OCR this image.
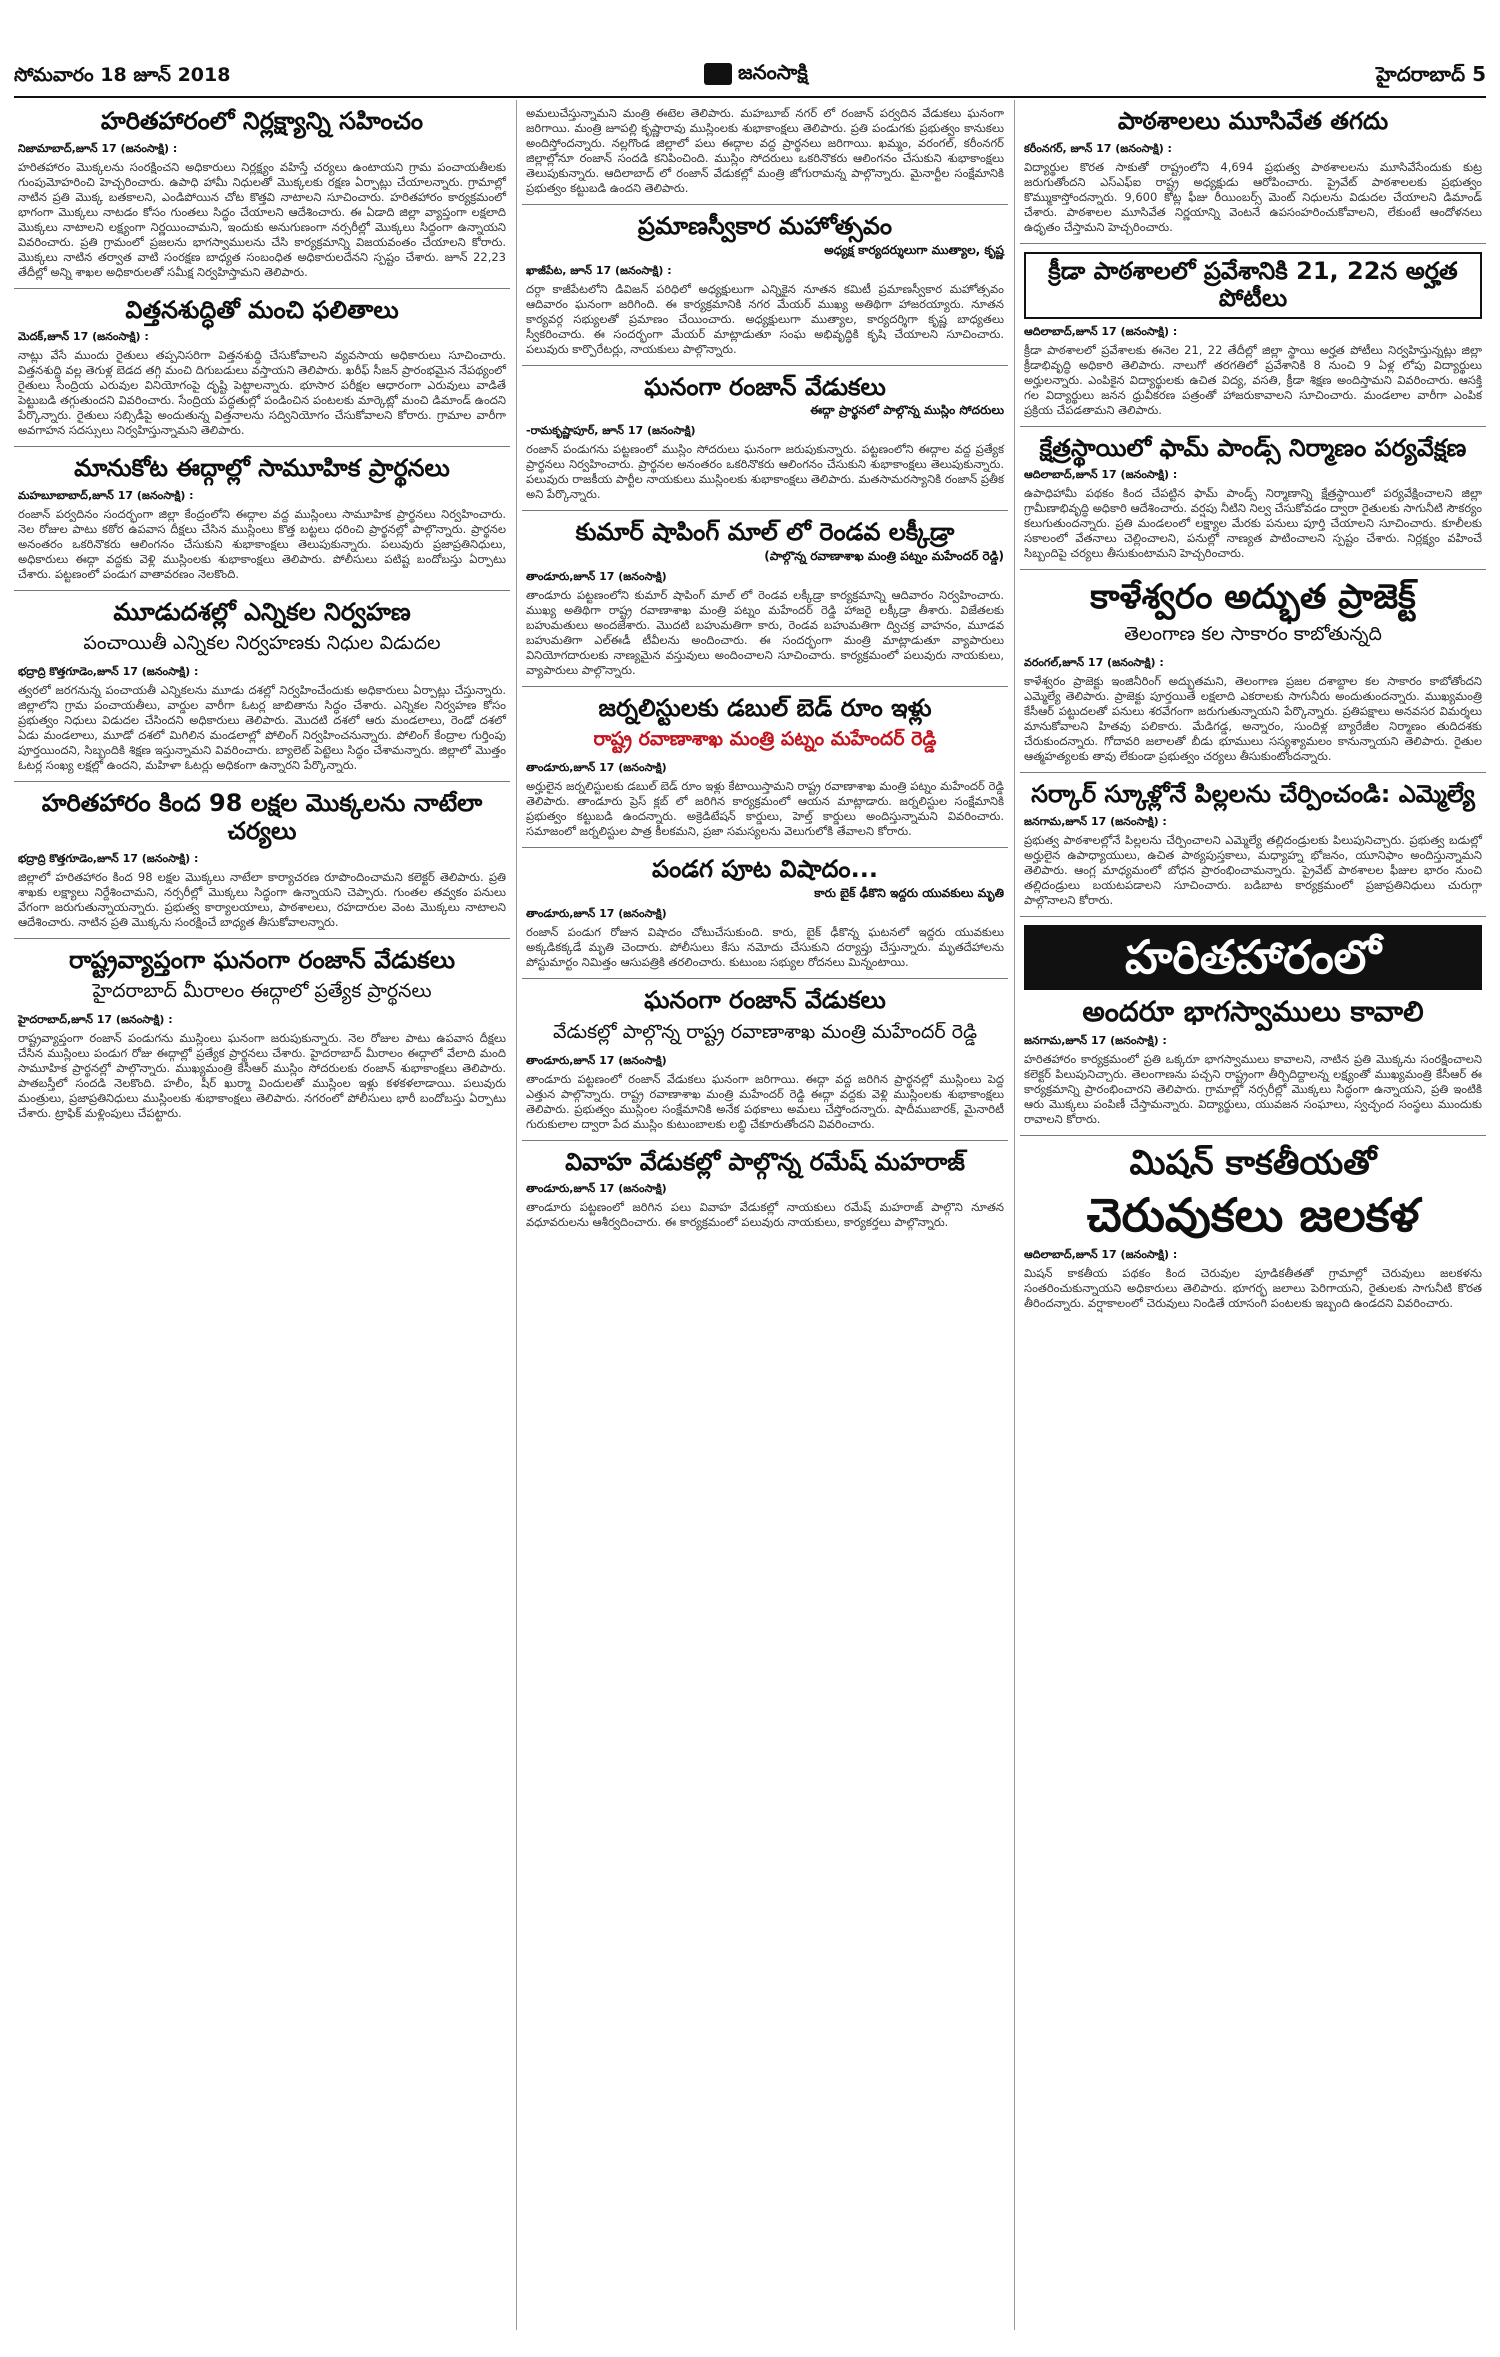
సోమవారం 18 జూన్ 2018	జనంసాక్షి	హైదరాబాద్ 5
హరితహారంలో నిర్లక్ష్యాన్ని సహించం
నిజామాబాద్,జూన్ 17 (జనంసాక్షి) :

హరితహారం మొక్కలను సంరక్షించని అధికారులు నిర్లక్ష్యం వహిస్తే చర్యలు ఉంటాయని గ్రామ పంచాయతీలకు గుంపుమోహరించి హెచ్చరించారు. ఉపాధి హామీ నిధులతో మొక్కలకు రక్షణ ఏర్పాట్లు చేయాలన్నారు. గ్రామాల్లో నాటిన ప్రతి మొక్క బతకాలని, ఎండిపోయిన చోట కొత్తవి నాటాలని సూచించారు. హరితహారం కార్యక్రమంలో భాగంగా మొక్కలు నాటడం కోసం గుంతలు సిద్ధం చేయాలని ఆదేశించారు. ఈ ఏడాది జిల్లా వ్యాప్తంగా లక్షలాది మొక్కలు నాటాలని లక్ష్యంగా నిర్ణయించామని, ఇందుకు అనుగుణంగా నర్సరీల్లో మొక్కలు సిద్ధంగా ఉన్నాయని వివరించారు. ప్రతి గ్రామంలో ప్రజలను భాగస్వాములను చేసి కార్యక్రమాన్ని విజయవంతం చేయాలని కోరారు. మొక్కలు నాటిన తర్వాత వాటి సంరక్షణ బాధ్యత సంబంధిత అధికారులదేనని స్పష్టం చేశారు. జూన్ 22,23 తేదీల్లో అన్ని శాఖల అధికారులతో సమీక్ష నిర్వహిస్తామని తెలిపారు.

విత్తనశుద్ధితో మంచి ఫలితాలు
మెదక్,జూన్ 17 (జనంసాక్షి) :

నాట్లు వేసే ముందు రైతులు తప్పనిసరిగా విత్తనశుద్ధి చేసుకోవాలని వ్యవసాయ అధికారులు సూచించారు. విత్తనశుద్ధి వల్ల తెగుళ్ల బెడద తగ్గి మంచి దిగుబడులు వస్తాయని తెలిపారు. ఖరీఫ్ సీజన్ ప్రారంభమైన నేపథ్యంలో రైతులు సేంద్రియ ఎరువుల వినియోగంపై దృష్టి పెట్టాలన్నారు. భూసార పరీక్షల ఆధారంగా ఎరువులు వాడితే పెట్టుబడి తగ్గుతుందని వివరించారు. సేంద్రియ పద్ధతుల్లో పండించిన పంటలకు మార్కెట్లో మంచి డిమాండ్ ఉందని పేర్కొన్నారు. రైతులు సబ్సిడీపై అందుతున్న విత్తనాలను సద్వినియోగం చేసుకోవాలని కోరారు. గ్రామాల వారీగా అవగాహన సదస్సులు నిర్వహిస్తున్నామని తెలిపారు.

మానుకోట ఈద్గాల్లో సామూహిక ప్రార్థనలు
మహబూబాబాద్,జూన్ 17 (జనంసాక్షి) :

రంజాన్ పర్వదినం సందర్భంగా జిల్లా కేంద్రంలోని ఈద్గాల వద్ద ముస్లింలు సామూహిక ప్రార్థనలు నిర్వహించారు. నెల రోజుల పాటు కఠోర ఉపవాస దీక్షలు చేసిన ముస్లింలు కొత్త బట్టలు ధరించి ప్రార్థనల్లో పాల్గొన్నారు. ప్రార్థనల అనంతరం ఒకరినొకరు ఆలింగనం చేసుకుని శుభాకాంక్షలు తెలుపుకున్నారు. పలువురు ప్రజాప్రతినిధులు, అధికారులు ఈద్గా వద్దకు వెళ్లి ముస్లింలకు శుభాకాంక్షలు తెలిపారు. పోలీసులు పటిష్ట బందోబస్తు ఏర్పాటు చేశారు. పట్టణంలో పండుగ వాతావరణం నెలకొంది.

మూడుదశల్లో ఎన్నికల నిర్వహణ
పంచాయితీ ఎన్నికల నిర్వహణకు నిధుల విడుదల
భద్రాద్రి కొత్తగూడెం,జూన్ 17 (జనంసాక్షి) :

త్వరలో జరగనున్న పంచాయతీ ఎన్నికలను మూడు దశల్లో నిర్వహించేందుకు అధికారులు ఏర్పాట్లు చేస్తున్నారు. జిల్లాలోని గ్రామ పంచాయతీలు, వార్డుల వారీగా ఓటర్ల జాబితాను సిద్ధం చేశారు. ఎన్నికల నిర్వహణ కోసం ప్రభుత్వం నిధులు విడుదల చేసిందని అధికారులు తెలిపారు. మొదటి దశలో ఆరు మండలాలు, రెండో దశలో ఏడు మండలాలు, మూడో దశలో మిగిలిన మండలాల్లో పోలింగ్ నిర్వహించనున్నారు. పోలింగ్ కేంద్రాల గుర్తింపు పూర్తయిందని, సిబ్బందికి శిక్షణ ఇస్తున్నామని వివరించారు. బ్యాలెట్ పెట్టెలు సిద్ధం చేశామన్నారు. జిల్లాలో మొత్తం ఓటర్ల సంఖ్య లక్షల్లో ఉందని, మహిళా ఓటర్లు అధికంగా ఉన్నారని పేర్కొన్నారు.

హరితహారం కింద 98 లక్షల మొక్కలను నాటేలా చర్యలు
భద్రాద్రి కొత్తగూడెం,జూన్ 17 (జనంసాక్షి) :

జిల్లాలో హరితహారం కింద 98 లక్షల మొక్కలు నాటేలా కార్యాచరణ రూపొందించామని కలెక్టర్ తెలిపారు. ప్రతి శాఖకు లక్ష్యాలు నిర్దేశించామని, నర్సరీల్లో మొక్కలు సిద్ధంగా ఉన్నాయని చెప్పారు. గుంతల తవ్వకం పనులు వేగంగా జరుగుతున్నాయన్నారు. ప్రభుత్వ కార్యాలయాలు, పాఠశాలలు, రహదారుల వెంట మొక్కలు నాటాలని ఆదేశించారు. నాటిన ప్రతి మొక్కను సంరక్షించే బాధ్యత తీసుకోవాలన్నారు.

రాష్ట్రవ్యాప్తంగా ఘనంగా రంజాన్ వేడుకలు
హైదరాబాద్ మీరాలం ఈద్గాలో ప్రత్యేక ప్రార్థనలు
హైదరాబాద్,జూన్ 17 (జనంసాక్షి) :

రాష్ట్రవ్యాప్తంగా రంజాన్ పండుగను ముస్లింలు ఘనంగా జరుపుకున్నారు. నెల రోజుల పాటు ఉపవాస దీక్షలు చేసిన ముస్లింలు పండుగ రోజు ఈద్గాల్లో ప్రత్యేక ప్రార్థనలు చేశారు. హైదరాబాద్ మీరాలం ఈద్గాలో వేలాది మంది సామూహిక ప్రార్థనల్లో పాల్గొన్నారు. ముఖ్యమంత్రి కేసీఆర్ ముస్లిం సోదరులకు రంజాన్ శుభాకాంక్షలు తెలిపారు. పాతబస్తీలో సందడి నెలకొంది. హలీం, షీర్ ఖుర్మా విందులతో ముస్లింల ఇళ్లు కళకళలాడాయి. పలువురు మంత్రులు, ప్రజాప్రతినిధులు ముస్లింలకు శుభాకాంక్షలు తెలిపారు. నగరంలో పోలీసులు భారీ బందోబస్తు ఏర్పాటు చేశారు. ట్రాఫిక్ మళ్లింపులు చేపట్టారు.

అమలుచేస్తున్నామని మంత్రి ఈటెల తెలిపారు. మహబూబ్ నగర్ లో రంజాన్ పర్వదిన వేడుకలు ఘనంగా జరిగాయి. మంత్రి జూపల్లి కృష్ణారావు ముస్లింలకు శుభాకాంక్షలు తెలిపారు. ప్రతి పండుగకు ప్రభుత్వం కానుకలు అందిస్తోందన్నారు. నల్లగొండ జిల్లాలో పలు ఈద్గాల వద్ద ప్రార్థనలు జరిగాయి. ఖమ్మం, వరంగల్, కరీంనగర్ జిల్లాల్లోనూ రంజాన్ సందడి కనిపించింది. ముస్లిం సోదరులు ఒకరినొకరు ఆలింగనం చేసుకుని శుభాకాంక్షలు తెలుపుకున్నారు. ఆదిలాబాద్ లో రంజాన్ వేడుకల్లో మంత్రి జోగురామన్న పాల్గొన్నారు. మైనార్టీల సంక్షేమానికి ప్రభుత్వం కట్టుబడి ఉందని తెలిపారు.

ప్రమాణస్వీకార మహోత్సవం
అధ్యక్ష కార్యదర్శులుగా ముత్యాల, కృష్ణ
ఖాజీపేట, జూన్ 17 (జనంసాక్షి) :

దర్గా కాజీపేటలోని డివిజన్ పరిధిలో అధ్యక్షులుగా ఎన్నికైన నూతన కమిటీ ప్రమాణస్వీకార మహోత్సవం ఆదివారం ఘనంగా జరిగింది. ఈ కార్యక్రమానికి నగర మేయర్ ముఖ్య అతిథిగా హాజరయ్యారు. నూతన కార్యవర్గ సభ్యులతో ప్రమాణం చేయించారు. అధ్యక్షులుగా ముత్యాల, కార్యదర్శిగా కృష్ణ బాధ్యతలు స్వీకరించారు. ఈ సందర్భంగా మేయర్ మాట్లాడుతూ సంఘ అభివృద్ధికి కృషి చేయాలని సూచించారు. పలువురు కార్పొరేటర్లు, నాయకులు పాల్గొన్నారు.

ఘనంగా రంజాన్ వేడుకలు
ఈద్గా ప్రార్థనలో పాల్గొన్న ముస్లిం సోదరులు
-రామకృష్ణాపూర్, జూన్ 17 (జనంసాక్షి)

రంజాన్ పండుగను పట్టణంలో ముస్లిం సోదరులు ఘనంగా జరుపుకున్నారు. పట్టణంలోని ఈద్గాల వద్ద ప్రత్యేక ప్రార్థనలు నిర్వహించారు. ప్రార్థనల అనంతరం ఒకరినొకరు ఆలింగనం చేసుకుని శుభాకాంక్షలు తెలుపుకున్నారు. పలువురు రాజకీయ పార్టీల నాయకులు ముస్లింలకు శుభాకాంక్షలు తెలిపారు. మతసామరస్యానికి రంజాన్ ప్రతీక అని పేర్కొన్నారు.

కుమార్ షాపింగ్ మాల్ లో రెండవ లక్కీడ్రా
(పాల్గొన్న రవాణాశాఖ మంత్రి పట్నం మహేందర్ రెడ్డి)
తాండూరు,జూన్ 17 (జనంసాక్షి)

తాండూరు పట్టణంలోని కుమార్ షాపింగ్ మాల్ లో రెండవ లక్కీడ్రా కార్యక్రమాన్ని ఆదివారం నిర్వహించారు. ముఖ్య అతిథిగా రాష్ట్ర రవాణాశాఖ మంత్రి పట్నం మహేందర్ రెడ్డి హాజరై లక్కీడ్రా తీశారు. విజేతలకు బహుమతులు అందజేశారు. మొదటి బహుమతిగా కారు, రెండవ బహుమతిగా ద్విచక్ర వాహనం, మూడవ బహుమతిగా ఎల్ఈడీ టీవీలను అందించారు. ఈ సందర్భంగా మంత్రి మాట్లాడుతూ వ్యాపారులు వినియోగదారులకు నాణ్యమైన వస్తువులు అందించాలని సూచించారు. కార్యక్రమంలో పలువురు నాయకులు, వ్యాపారులు పాల్గొన్నారు.

జర్నలిస్టులకు డబుల్ బెడ్ రూం ఇళ్లు
రాష్ట్ర రవాణాశాఖ మంత్రి పట్నం మహేందర్ రెడ్డి
తాండూరు,జూన్ 17 (జనంసాక్షి)

అర్హులైన జర్నలిస్టులకు డబుల్ బెడ్ రూం ఇళ్లు కేటాయిస్తామని రాష్ట్ర రవాణాశాఖ మంత్రి పట్నం మహేందర్ రెడ్డి తెలిపారు. తాండూరు ప్రెస్ క్లబ్ లో జరిగిన కార్యక్రమంలో ఆయన మాట్లాడారు. జర్నలిస్టుల సంక్షేమానికి ప్రభుత్వం కట్టుబడి ఉందన్నారు. అక్రెడిటేషన్ కార్డులు, హెల్త్ కార్డులు అందిస్తున్నామని వివరించారు. సమాజంలో జర్నలిస్టుల పాత్ర కీలకమని, ప్రజా సమస్యలను వెలుగులోకి తేవాలని కోరారు.

పండగ పూట విషాదం...
కారు బైక్ ఢీకొని ఇద్దరు యువకులు మృతి
తాండూరు,జూన్ 17 (జనంసాక్షి)

రంజాన్ పండుగ రోజున విషాదం చోటుచేసుకుంది. కారు, బైక్ ఢీకొన్న ఘటనలో ఇద్దరు యువకులు అక్కడికక్కడే మృతి చెందారు. పోలీసులు కేసు నమోదు చేసుకుని దర్యాప్తు చేస్తున్నారు. మృతదేహాలను పోస్టుమార్టం నిమిత్తం ఆసుపత్రికి తరలించారు. కుటుంబ సభ్యుల రోదనలు మిన్నంటాయి.

ఘనంగా రంజాన్ వేడుకలు
వేడుకల్లో పాల్గొన్న రాష్ట్ర రవాణాశాఖ మంత్రి మహేందర్ రెడ్డి
తాండూరు,జూన్ 17 (జనంసాక్షి)

తాండూరు పట్టణంలో రంజాన్ వేడుకలు ఘనంగా జరిగాయి. ఈద్గా వద్ద జరిగిన ప్రార్థనల్లో ముస్లింలు పెద్ద ఎత్తున పాల్గొన్నారు. రాష్ట్ర రవాణాశాఖ మంత్రి మహేందర్ రెడ్డి ఈద్గా వద్దకు వెళ్లి ముస్లింలకు శుభాకాంక్షలు తెలిపారు. ప్రభుత్వం ముస్లింల సంక్షేమానికి అనేక పథకాలు అమలు చేస్తోందన్నారు. షాదీముబారక్, మైనారిటీ గురుకులాల ద్వారా పేద ముస్లిం కుటుంబాలకు లబ్ధి చేకూరుతోందని వివరించారు.

వివాహ వేడుకల్లో పాల్గొన్న రమేష్ మహరాజ్
తాండూరు,జూన్ 17 (జనంసాక్షి)

తాండూరు పట్టణంలో జరిగిన పలు వివాహ వేడుకల్లో నాయకులు రమేష్ మహరాజ్ పాల్గొని నూతన వధూవరులను ఆశీర్వదించారు. ఈ కార్యక్రమంలో పలువురు నాయకులు, కార్యకర్తలు పాల్గొన్నారు.

పాఠశాలలు మూసివేత తగదు
కరీంనగర్, జూన్ 17 (జనంసాక్షి) :

విద్యార్థుల కొరత సాకుతో రాష్ట్రంలోని 4,694 ప్రభుత్వ పాఠశాలలను మూసివేసేందుకు కుట్ర జరుగుతోందని ఎస్ఎఫ్ఐ రాష్ట్ర అధ్యక్షుడు ఆరోపించారు. ప్రైవేట్ పాఠశాలలకు ప్రభుత్వం కొమ్ముకాస్తోందన్నారు. 9,600 కోట్ల ఫీజు రీయింబర్స్ మెంట్ నిధులను విడుదల చేయాలని డిమాండ్ చేశారు. పాఠశాలల మూసివేత నిర్ణయాన్ని వెంటనే ఉపసంహరించుకోవాలని, లేకుంటే ఆందోళనలు ఉధృతం చేస్తామని హెచ్చరించారు.

క్రీడా పాఠశాలలో ప్రవేశానికి 21, 22న అర్హత పోటీలు
ఆదిలాబాద్,జూన్ 17 (జనంసాక్షి) :

క్రీడా పాఠశాలలో ప్రవేశాలకు ఈనెల 21, 22 తేదీల్లో జిల్లా స్థాయి అర్హత పోటీలు నిర్వహిస్తున్నట్లు జిల్లా క్రీడాభివృద్ధి అధికారి తెలిపారు. నాలుగో తరగతిలో ప్రవేశానికి 8 నుంచి 9 ఏళ్ల లోపు విద్యార్థులు అర్హులన్నారు. ఎంపికైన విద్యార్థులకు ఉచిత విద్య, వసతి, క్రీడా శిక్షణ అందిస్తామని వివరించారు. ఆసక్తి గల విద్యార్థులు జనన ధ్రువీకరణ పత్రంతో హాజరుకావాలని సూచించారు. మండలాల వారీగా ఎంపిక ప్రక్రియ చేపడతామని తెలిపారు.

క్షేత్రస్థాయిలో ఫామ్ పాండ్స్ నిర్మాణం పర్యవేక్షణ
ఆదిలాబాద్,జూన్ 17 (జనంసాక్షి) :

ఉపాధిహామీ పథకం కింద చేపట్టిన ఫామ్ పాండ్స్ నిర్మాణాన్ని క్షేత్రస్థాయిలో పర్యవేక్షించాలని జిల్లా గ్రామీణాభివృద్ధి అధికారి ఆదేశించారు. వర్షపు నీటిని నిల్వ చేసుకోవడం ద్వారా రైతులకు సాగునీటి సౌకర్యం కలుగుతుందన్నారు. ప్రతి మండలంలో లక్ష్యాల మేరకు పనులు పూర్తి చేయాలని సూచించారు. కూలీలకు సకాలంలో వేతనాలు చెల్లించాలని, పనుల్లో నాణ్యత పాటించాలని స్పష్టం చేశారు. నిర్లక్ష్యం వహించే సిబ్బందిపై చర్యలు తీసుకుంటామని హెచ్చరించారు.

కాళేశ్వరం అద్భుత ప్రాజెక్ట్
తెలంగాణ కల సాకారం కాబోతున్నది
వరంగల్,జూన్ 17 (జనంసాక్షి) :

కాళేశ్వరం ప్రాజెక్టు ఇంజినీరింగ్ అద్భుతమని, తెలంగాణ ప్రజల దశాబ్దాల కల సాకారం కాబోతోందని ఎమ్మెల్యే తెలిపారు. ప్రాజెక్టు పూర్తయితే లక్షలాది ఎకరాలకు సాగునీరు అందుతుందన్నారు. ముఖ్యమంత్రి కేసీఆర్ పట్టుదలతో పనులు శరవేగంగా జరుగుతున్నాయని పేర్కొన్నారు. ప్రతిపక్షాలు అనవసర విమర్శలు మానుకోవాలని హితవు పలికారు. మేడిగడ్డ, అన్నారం, సుందిళ్ల బ్యారేజీల నిర్మాణం తుదిదశకు చేరుకుందన్నారు. గోదావరి జలాలతో బీడు భూములు సస్యశ్యామలం కానున్నాయని తెలిపారు. రైతుల ఆత్మహత్యలకు తావు లేకుండా ప్రభుత్వం చర్యలు తీసుకుంటోందన్నారు.

సర్కార్ స్కూళ్లోనే పిల్లలను చేర్పించండి: ఎమ్మెల్యే
జనగామ,జూన్ 17 (జనంసాక్షి) :

ప్రభుత్వ పాఠశాలల్లోనే పిల్లలను చేర్పించాలని ఎమ్మెల్యే తల్లిదండ్రులకు పిలుపునిచ్చారు. ప్రభుత్వ బడుల్లో అర్హులైన ఉపాధ్యాయులు, ఉచిత పాఠ్యపుస్తకాలు, మధ్యాహ్న భోజనం, యూనిఫాం అందిస్తున్నామని తెలిపారు. ఆంగ్ల మాధ్యమంలో బోధన ప్రారంభించామన్నారు. ప్రైవేట్ పాఠశాలల ఫీజుల భారం నుంచి తల్లిదండ్రులు బయటపడాలని సూచించారు. బడిబాట కార్యక్రమంలో ప్రజాప్రతినిధులు చురుగ్గా పాల్గొనాలని కోరారు.

హరితహారంలో
అందరూ భాగస్వాములు కావాలి
జనగామ,జూన్ 17 (జనంసాక్షి) :

హరితహారం కార్యక్రమంలో ప్రతి ఒక్కరూ భాగస్వాములు కావాలని, నాటిన ప్రతి మొక్కను సంరక్షించాలని కలెక్టర్ పిలుపునిచ్చారు. తెలంగాణను పచ్చని రాష్ట్రంగా తీర్చిదిద్దాలన్న లక్ష్యంతో ముఖ్యమంత్రి కేసీఆర్ ఈ కార్యక్రమాన్ని ప్రారంభించారని తెలిపారు. గ్రామాల్లో నర్సరీల్లో మొక్కలు సిద్ధంగా ఉన్నాయని, ప్రతి ఇంటికి ఆరు మొక్కలు పంపిణీ చేస్తామన్నారు. విద్యార్థులు, యువజన సంఘాలు, స్వచ్ఛంద సంస్థలు ముందుకు రావాలని కోరారు.

మిషన్ కాకతీయతో
చెరువుకలు జలకళ
ఆదిలాబాద్,జూన్ 17 (జనంసాక్షి) :

మిషన్ కాకతీయ పథకం కింద చెరువుల పూడికతీతతో గ్రామాల్లో చెరువులు జలకళను సంతరించుకున్నాయని అధికారులు తెలిపారు. భూగర్భ జలాలు పెరిగాయని, రైతులకు సాగునీటి కొరత తీరిందన్నారు. వర్షాకాలంలో చెరువులు నిండితే యాసంగి పంటలకు ఇబ్బంది ఉండదని వివరించారు.
